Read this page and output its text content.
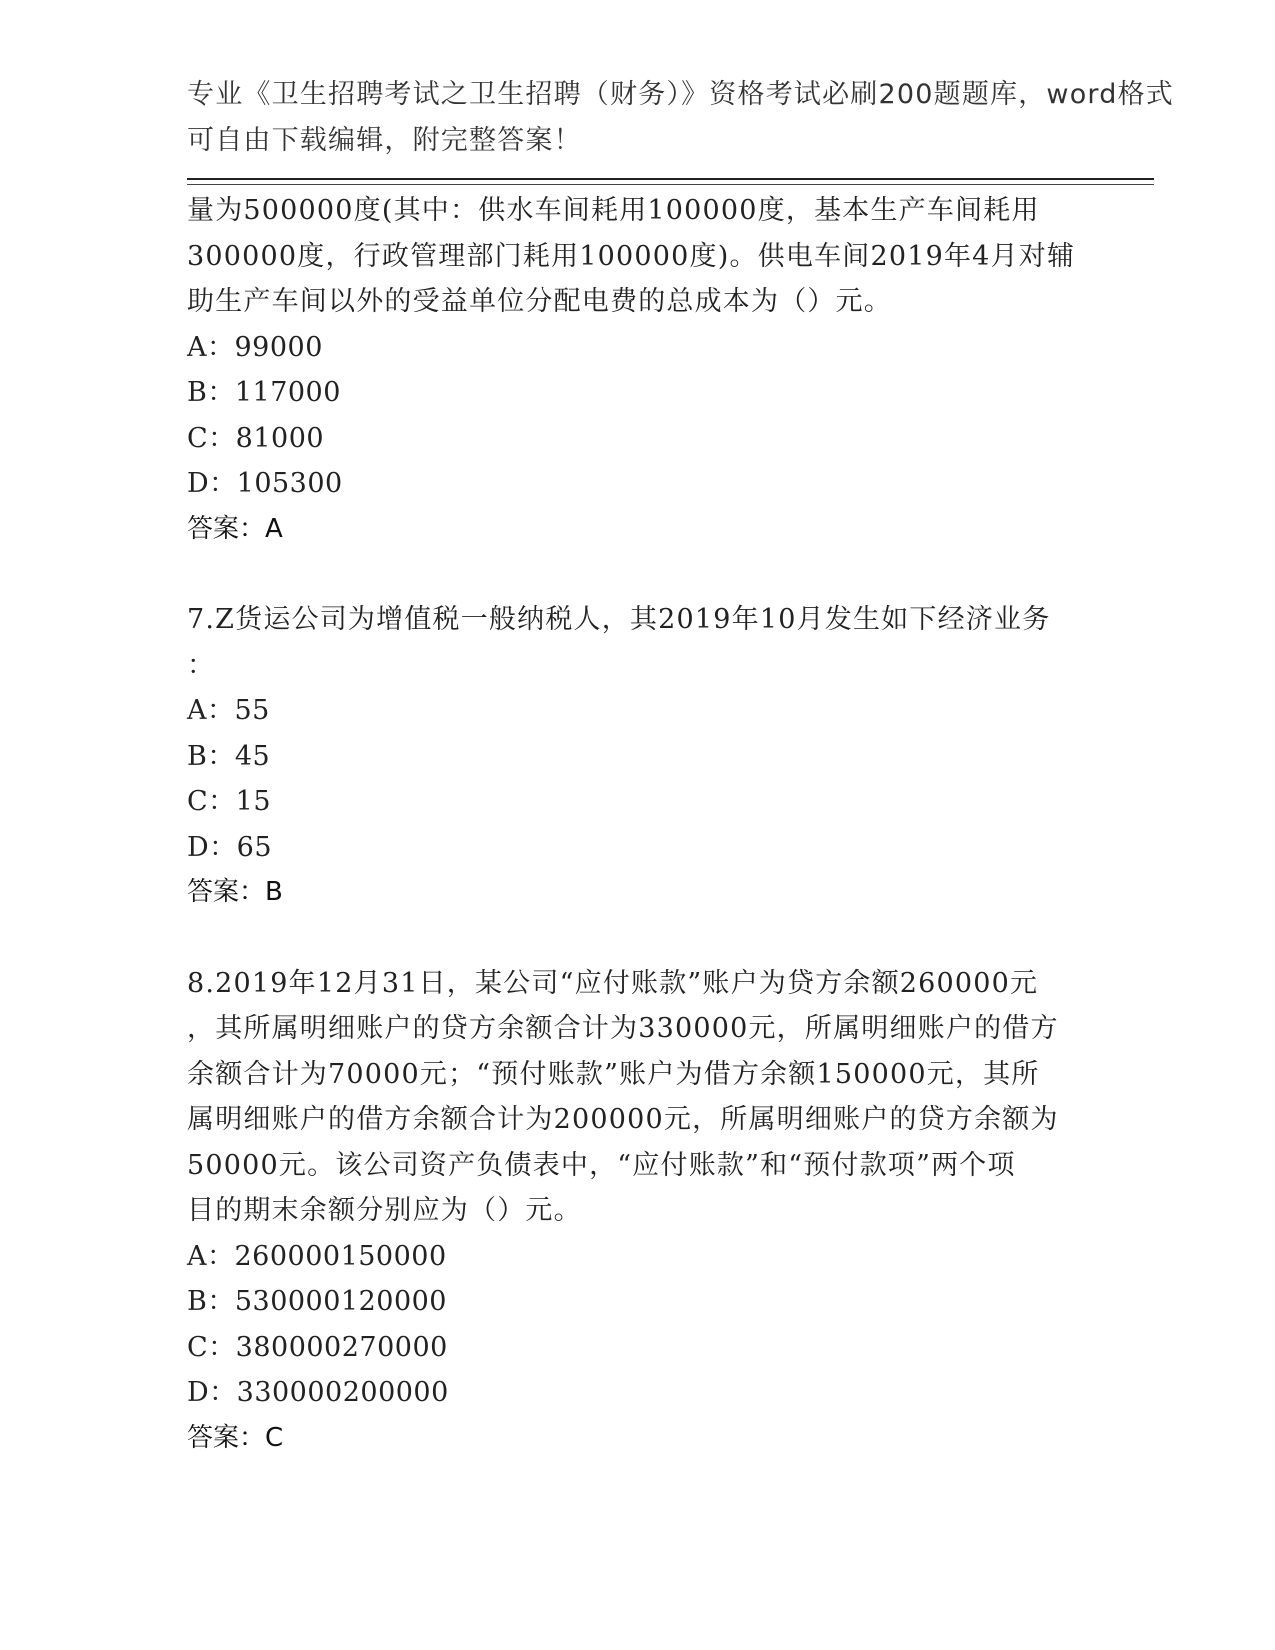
专业《卫生招聘考试之卫生招聘（财务）》资格考试必刷200题题库，word格式
可自由下载编辑，附完整答案！
量为500000度(其中：供水车间耗用100000度，基本生产车间耗用
300000度，行政管理部门耗用100000度)。供电车间2019年4月对辅
助生产车间以外的受益单位分配电费的总成本为（）元。
A：99000
B：117000
C：81000
D：105300
答案：A
7.Z货运公司为增值税一般纳税人，其2019年10月发生如下经济业务
：
A：55
B：45
C：15
D：65
答案：B
8.2019年12月31日，某公司“应付账款”账户为贷方余额260000元
，其所属明细账户的贷方余额合计为330000元，所属明细账户的借方
余额合计为70000元；“预付账款”账户为借方余额150000元，其所
属明细账户的借方余额合计为200000元，所属明细账户的贷方余额为
50000元。该公司资产负债表中，“应付账款”和“预付款项”两个项
目的期末余额分别应为（）元。
A：260000150000
B：530000120000
C：380000270000
D：330000200000
答案：C
